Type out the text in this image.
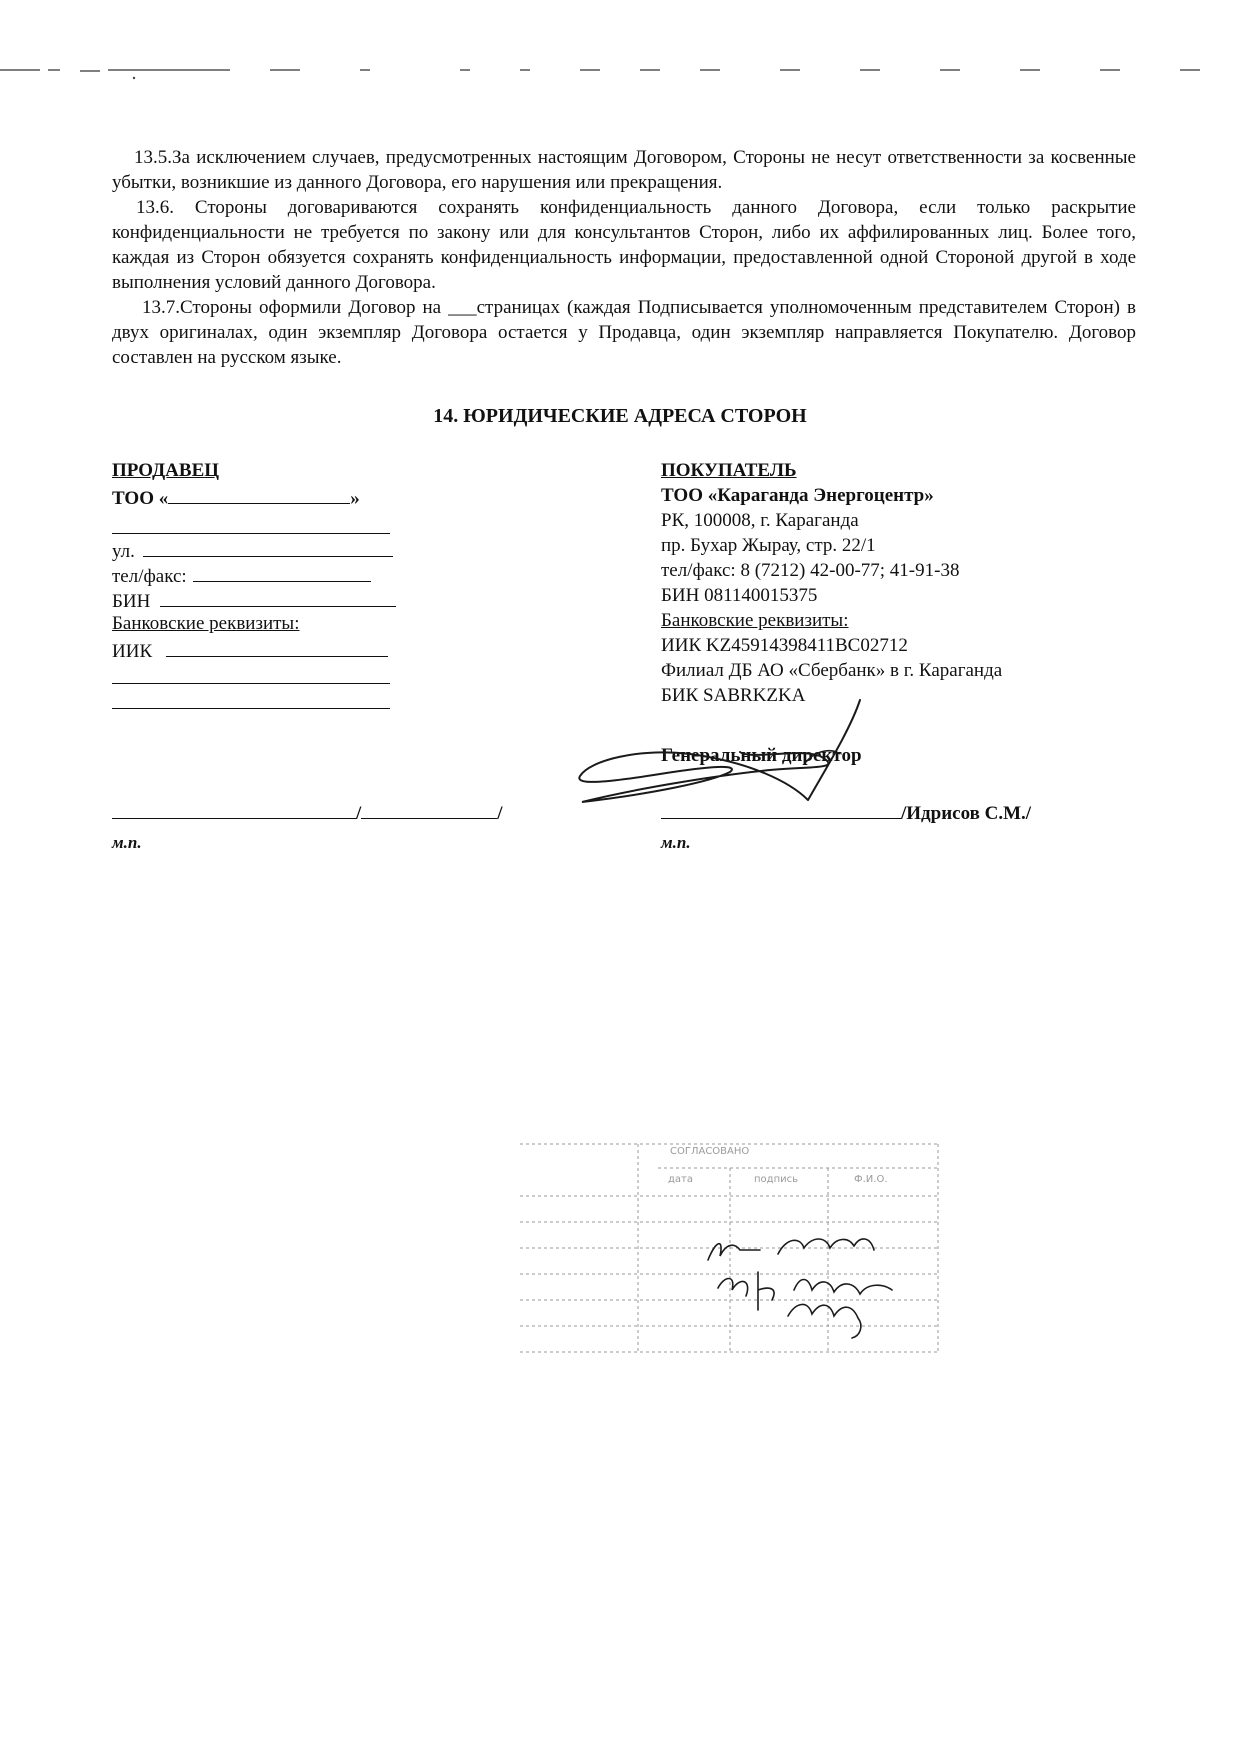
13.5.За исключением случаев, предусмотренных настоящим Договором, Стороны не несут ответственности за косвенные убытки, возникшие из данного Договора, его нарушения или прекращения.

13.6. Стороны договариваются сохранять конфиденциальность данного Договора, если только раскрытие конфиденциальности не требуется по закону или для консультантов Сторон, либо их аффилированных лиц. Более того, каждая из Сторон обязуется сохранять конфиденциальность информации, предоставленной одной Стороной другой в ходе выполнения условий данного Договора.

13.7.Стороны оформили Договор на ___страницах (каждая Подписывается уполномоченным представителем Сторон) в двух оригиналах, один экземпляр Договора остается у Продавца, один экземпляр направляется Покупателю. Договор составлен на русском языке.

14. ЮРИДИЧЕСКИЕ АДРЕСА СТОРОН
ПРОДАВЕЦ
ТОО «	»
ул.
тел/факс:
БИН
Банковские реквизиты:
ИИК
/	/
м.п.
ПОКУПАТЕЛЬ
ТОО «Караганда Энергоцентр»
РК, 100008, г. Караганда
пр. Бухар Жырау, стр. 22/1
тел/факс: 8 (7212) 42-00-77; 41-91-38
БИН 081140015375
Банковские реквизиты:
ИИК KZ45914398411BC02712
Филиал ДБ АО «Сбербанк» в г. Караганда
БИК SABRKZKA
Генеральный директор
/Идрисов С.М./
м.п.
СОГЛАСОВАНО
дата	подпись	Ф.И.О.
